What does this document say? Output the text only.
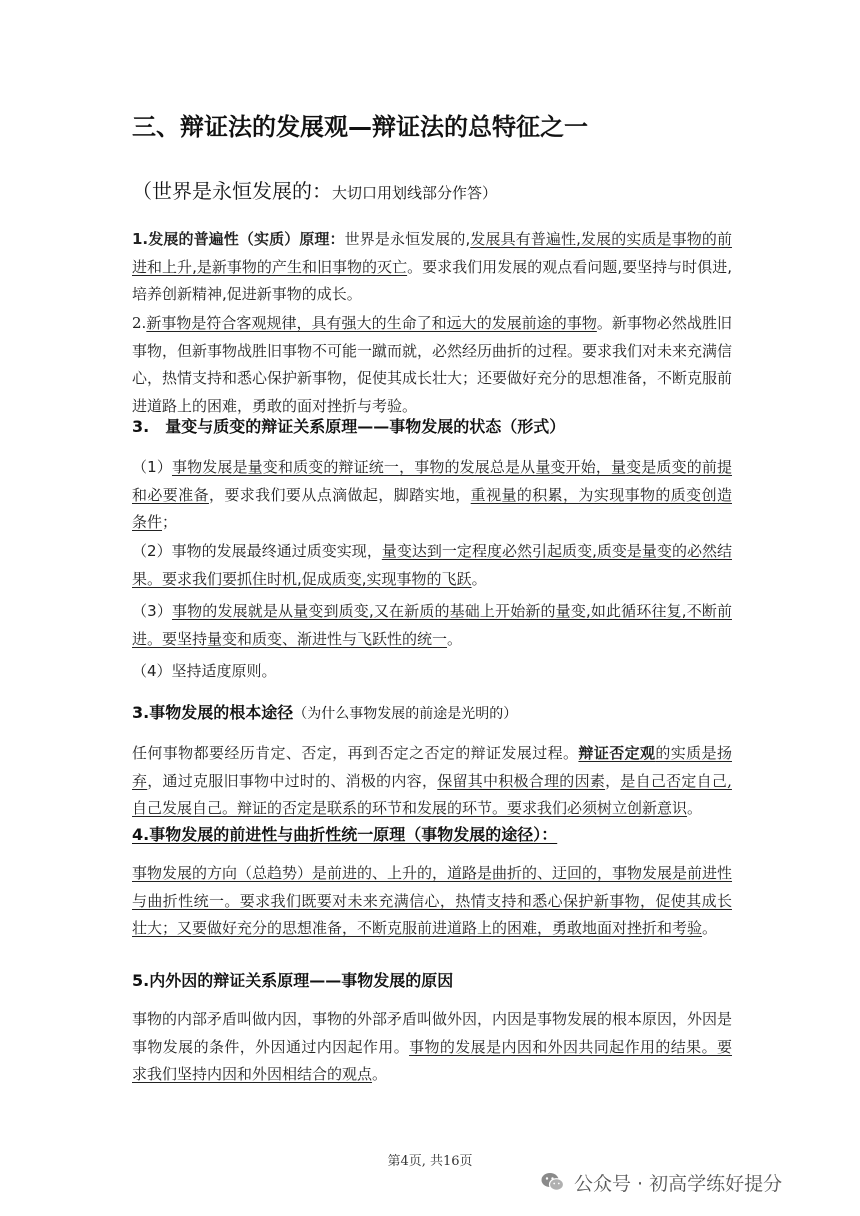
三、辩证法的发展观—辩证法的总特征之一
（世界是永恒发展的：大切口用划线部分作答）
1.发展的普遍性（实质）原理：世界是永恒发展的,发展具有普遍性,发展的实质是事物的前进和上升,是新事物的产生和旧事物的灭亡。要求我们用发展的观点看问题,要坚持与时俱进,培养创新精神,促进新事物的成长。
2.新事物是符合客观规律，具有强大的生命了和远大的发展前途的事物。新事物必然战胜旧事物，但新事物战胜旧事物不可能一蹴而就，必然经历曲折的过程。要求我们对未来充满信心，热情支持和悉心保护新事物，促使其成长壮大；还要做好充分的思想准备，不断克服前进道路上的困难，勇敢的面对挫折与考验。
3.　量变与质变的辩证关系原理——事物发展的状态（形式）
（1）事物发展是量变和质变的辩证统一，事物的发展总是从量变开始，量变是质变的前提和必要准备，要求我们要从点滴做起，脚踏实地，重视量的积累，为实现事物的质变创造条件；
（2）事物的发展最终通过质变实现，量变达到一定程度必然引起质变,质变是量变的必然结果。要求我们要抓住时机,促成质变,实现事物的飞跃。
（3）事物的发展就是从量变到质变,又在新质的基础上开始新的量变,如此循环往复,不断前进。要坚持量变和质变、渐进性与飞跃性的统一。
（4）坚持适度原则。
3.事物发展的根本途径（为什么事物发展的前途是光明的）
任何事物都要经历肯定、否定，再到否定之否定的辩证发展过程。辩证否定观的实质是扬弃，通过克服旧事物中过时的、消极的内容，保留其中积极合理的因素，是自己否定自己,自己发展自己。辩证的否定是联系的环节和发展的环节。要求我们必须树立创新意识。
4.事物发展的前进性与曲折性统一原理（事物发展的途径）：
事物发展的方向（总趋势）是前进的、上升的，道路是曲折的、迂回的，事物发展是前进性与曲折性统一。要求我们既要对未来充满信心，热情支持和悉心保护新事物，促使其成长壮大；又要做好充分的思想准备，不断克服前进道路上的困难，勇敢地面对挫折和考验。
5.内外因的辩证关系原理——事物发展的原因
事物的内部矛盾叫做内因，事物的外部矛盾叫做外因，内因是事物发展的根本原因，外因是事物发展的条件，外因通过内因起作用。事物的发展是内因和外因共同起作用的结果。要求我们坚持内因和外因相结合的观点。
第4页, 共16页
公众号 · 初高学练好提分
